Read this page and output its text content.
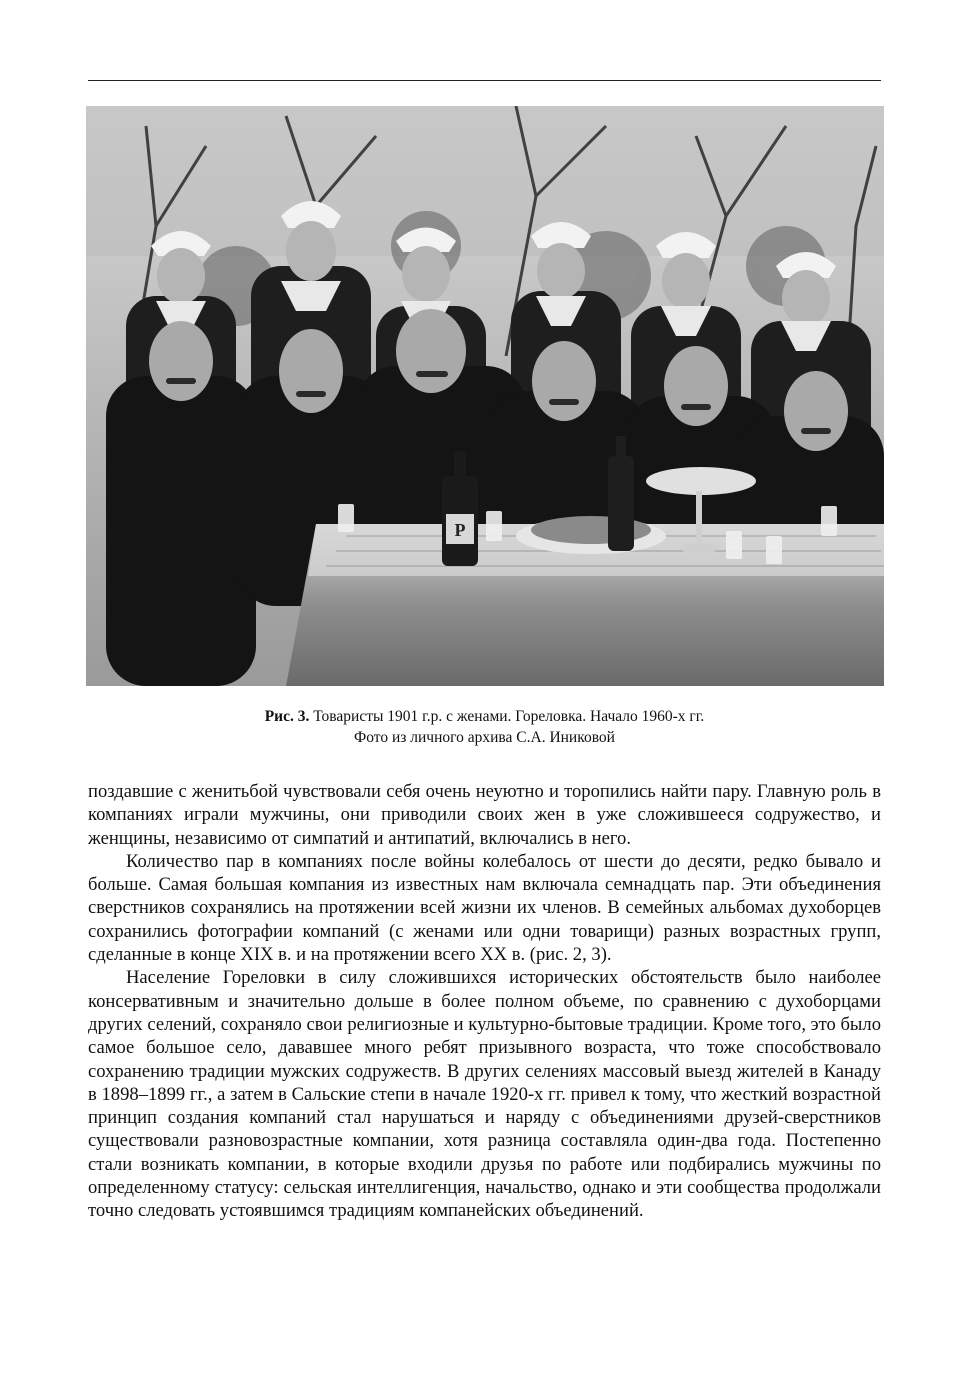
P
Рис. 3. Товаристы 1901 г.р. с женами. Гореловка. Начало 1960-х гг.
Фото из личного архива С.А. Иниковой

поздавшие с женитьбой чувствовали себя очень неуютно и торопились найти пару. Главную роль в компаниях играли мужчины, они приводили своих жен в уже сложившееся содружество, и женщины, независимо от симпатий и антипатий, включались в него.

Количество пар в компаниях после войны колебалось от шести до десяти, редко бывало и больше. Самая большая компания из известных нам включала семнадцать пар. Эти объединения сверстников сохранялись на протяжении всей жизни их членов. В семейных альбомах духоборцев сохранились фотографии компаний (с женами или одни товарищи) разных возрастных групп, сделанные в конце XIX в. и на протяжении всего XX в. (рис. 2, 3).

Население Гореловки в силу сложившихся исторических обстоятельств было наиболее консервативным и значительно дольше в более полном объеме, по сравнению с духоборцами других селений, сохраняло свои религиозные и культурно-бытовые традиции. Кроме того, это было самое большое село, дававшее много ребят призывного возраста, что тоже способствовало сохранению традиции мужских содружеств. В других селениях массовый выезд жителей в Канаду в 1898–1899 гг., а затем в Сальские степи в начале 1920-х гг. привел к тому, что жесткий возрастной принцип создания компаний стал нарушаться и наряду с объединениями друзей-сверстников существовали разновозрастные компании, хотя разница составляла один-два года. Постепенно стали возникать компании, в которые входили друзья по работе или подбирались мужчины по определенному статусу: сельская интеллигенция, начальство, однако и эти сообщества продолжали точно следовать устоявшимся традициям компанейских объединений.
